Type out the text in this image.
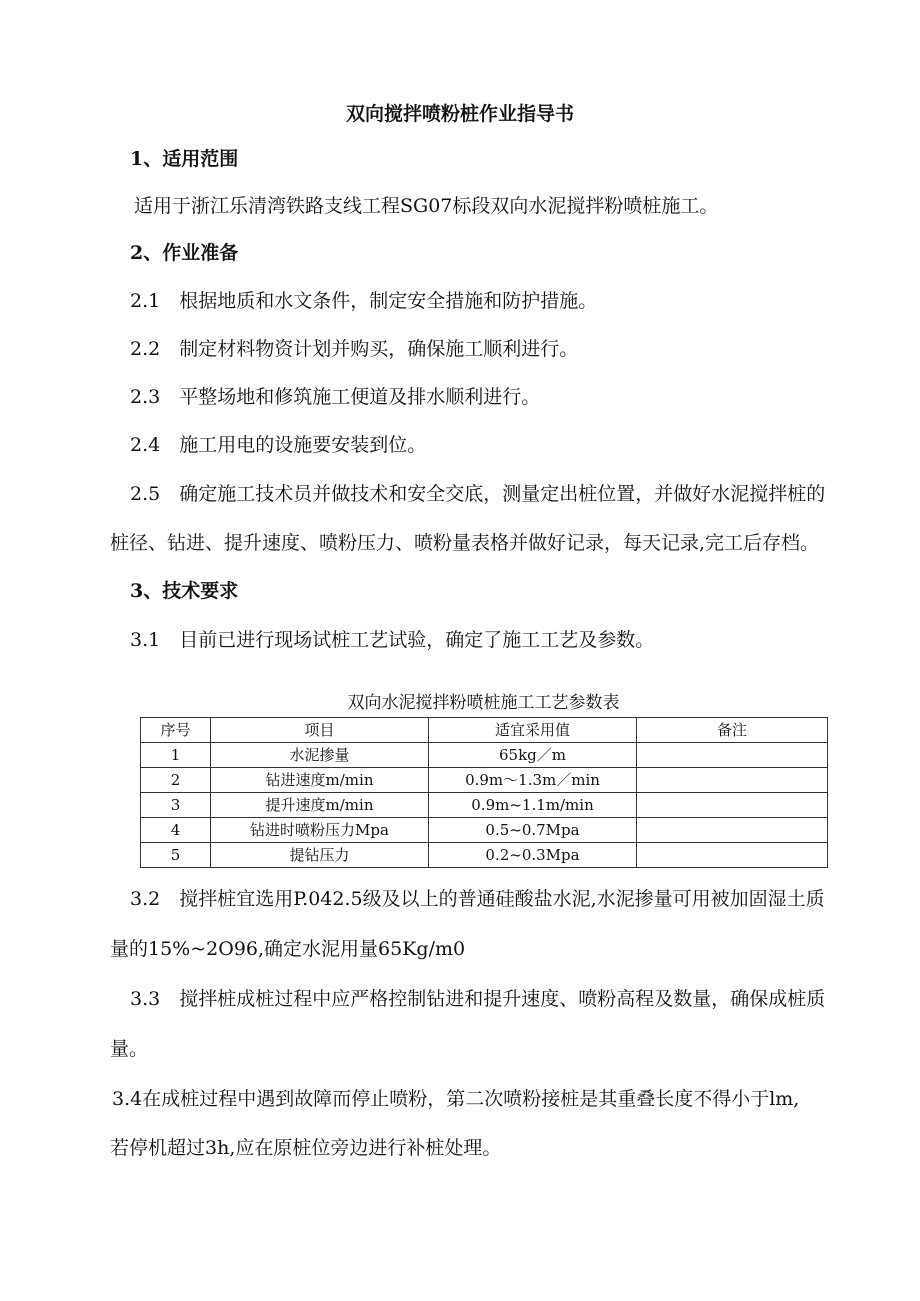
双向搅拌喷粉桩作业指导书
1、适用范围
适用于浙江乐清湾铁路支线工程SG07标段双向水泥搅拌粉喷桩施工。
2、作业准备
2.1　根据地质和水文条件，制定安全措施和防护措施。
2.2　制定材料物资计划并购买，确保施工顺利进行。
2.3　平整场地和修筑施工便道及排水顺利进行。
2.4　施工用电的设施要安装到位。
2.5　确定施工技术员并做技术和安全交底，测量定出桩位置，并做好水泥搅拌桩的
桩径、钻进、提升速度、喷粉压力、喷粉量表格并做好记录，每天记录,完工后存档。
3、技术要求
3.1　目前已进行现场试桩工艺试验，确定了施工工艺及参数。
双向水泥搅拌粉喷桩施工工艺参数表
序号	项目	适宜采用值	备注
1	水泥掺量	65kg／m	
2	钻进速度m/min	0.9m～1.3m／min	
3	提升速度m/min	0.9m~1.1m/min	
4	钻进时喷粉压力Mpa	0.5~0.7Mpa	
5	提钻压力	0.2~0.3Mpa	
3.2　搅拌桩宜选用P.042.5级及以上的普通硅酸盐水泥,水泥掺量可用被加固湿土质
量的15%~2O96,确定水泥用量65Kg∕m0
3.3　搅拌桩成桩过程中应严格控制钻进和提升速度、喷粉高程及数量，确保成桩质
量。
3.4在成桩过程中遇到故障而停止喷粉，第二次喷粉接桩是其重叠长度不得小于lm,
若停机超过3h,应在原桩位旁边进行补桩处理。
